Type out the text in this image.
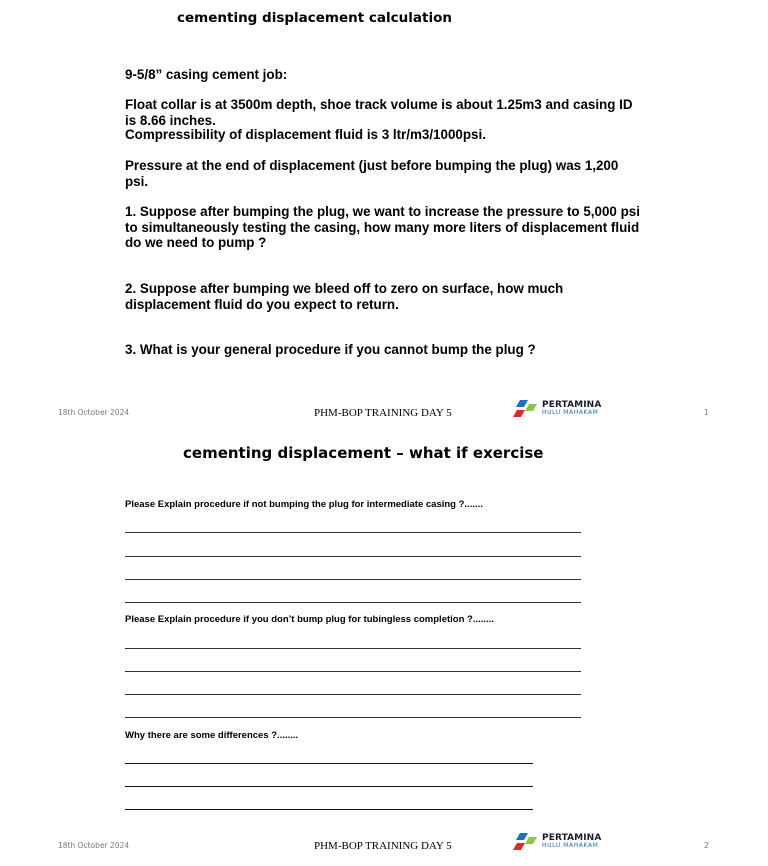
cementing displacement calculation
9-5/8” casing cement job:
Float collar is at 3500m depth, shoe track volume is about 1.25m3 and casing ID is 8.66 inches.
Compressibility of displacement fluid is 3 ltr/m3/1000psi.
Pressure at the end of displacement (just before bumping the plug) was 1,200 psi.
1. Suppose after bumping the plug, we want to increase the pressure to 5,000 psi to simultaneously testing the casing, how many more liters of displacement fluid do we need to pump ?
2. Suppose after bumping we bleed off to zero on surface, how much displacement fluid do you expect to return.
3. What is your general procedure if you cannot bump the plug ?
18th October 2024	PHM-BOP TRAINING DAY 5
PERTAMINA
HULU MAHAKAM	1
cementing displacement – what if exercise
Please Explain procedure if not bumping the plug for intermediate casing ?.......
Please Explain procedure if you don’t bump plug for tubingless completion ?........
Why there are some differences ?........
18th October 2024	PHM-BOP TRAINING DAY 5
PERTAMINA
HULU MAHAKAM	2
